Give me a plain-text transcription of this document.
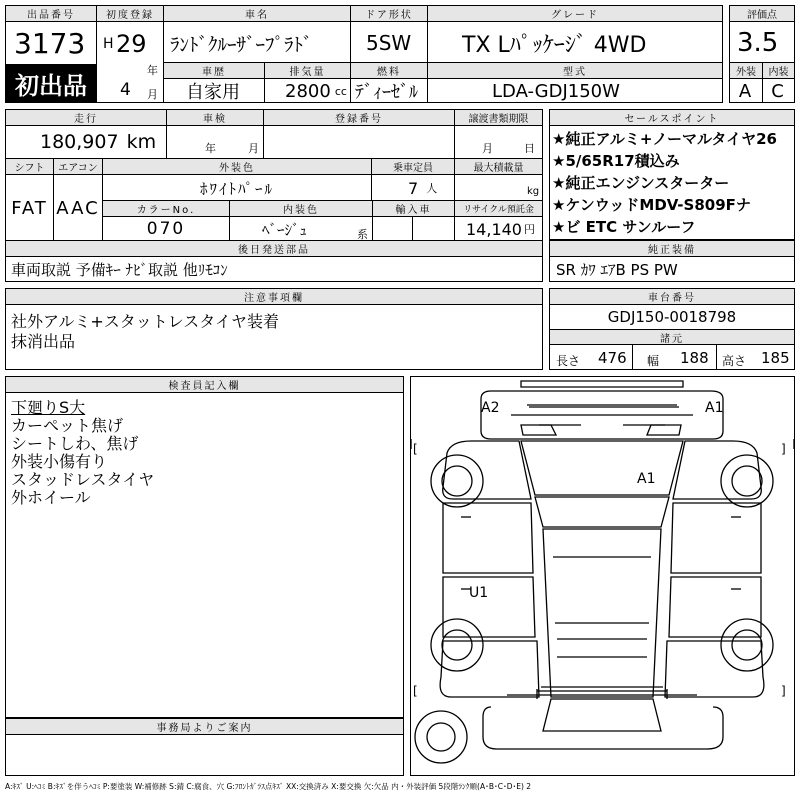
出品番号
3173
初出品
初度登録
H 29
年
4 月
車名
ﾗﾝﾄﾞｸﾙｰｻﾞｰﾌﾟﾗﾄﾞ
ドア形状
5SW
グレード
TX Lﾊﾟｯｹｰｼﾞ 4WD
車歴
自家用
排気量
2800 cc
燃料
ﾃﾞｨｰｾﾞﾙ
型式
LDA-GDJ150W
評価点
3.5
外装	内装
A	C
走行
180,907 km
車検
年	月
登録番号	譲渡書類期限
月	日
シフト
FAT
エアコン
AAC
外装色
ﾎﾜｲﾄﾊﾟｰﾙ
乗車定員
7 人
最大積載量
kg
カラーNo.
070
内装色
ﾍﾞｰｼﾞｭ	系
輸入車	リサイクル預託金
14,140 円
後日発送部品
車両取説 予備ｷｰ ﾅﾋﾞ取説 他ﾘﾓｺﾝ
セールスポイント
★純正アルミ+ノーマルタイヤ26
★5/65R17積込み
★純正エンジンスターター
★ケンウッドMDV-S809Fナ
★ビ ETC サンルーフ
純正装備
SR ｶﾜ ｴｱB PS PW
注意事項欄
社外アルミ+スタットレスタイヤ装着
抹消出品
車台番号
GDJ150-0018798
諸元
長さ 476 幅 188 高さ 185
検査員記入欄
下廻りS大
カーペット焦げ
シートしわ、焦げ
外装小傷有り
スタッドレスタイヤ
外ホイール
事務局よりご案内
[	]
[	]
A2	A1
A1
U1
A:ｷｽﾞ U:ﾍｺﾐ B:ｷｽﾞを伴うﾍｺﾐ P:要塗装 W:補修跡 S:錆 C:腐食、穴 G:ﾌﾛﾝﾄｶﾞﾗｽ点ｷｽﾞ XX:交換済み X:要交換 欠:欠品 内・外装評価 5段階ﾗﾝｸ順(A･B･C･D･E) 2
